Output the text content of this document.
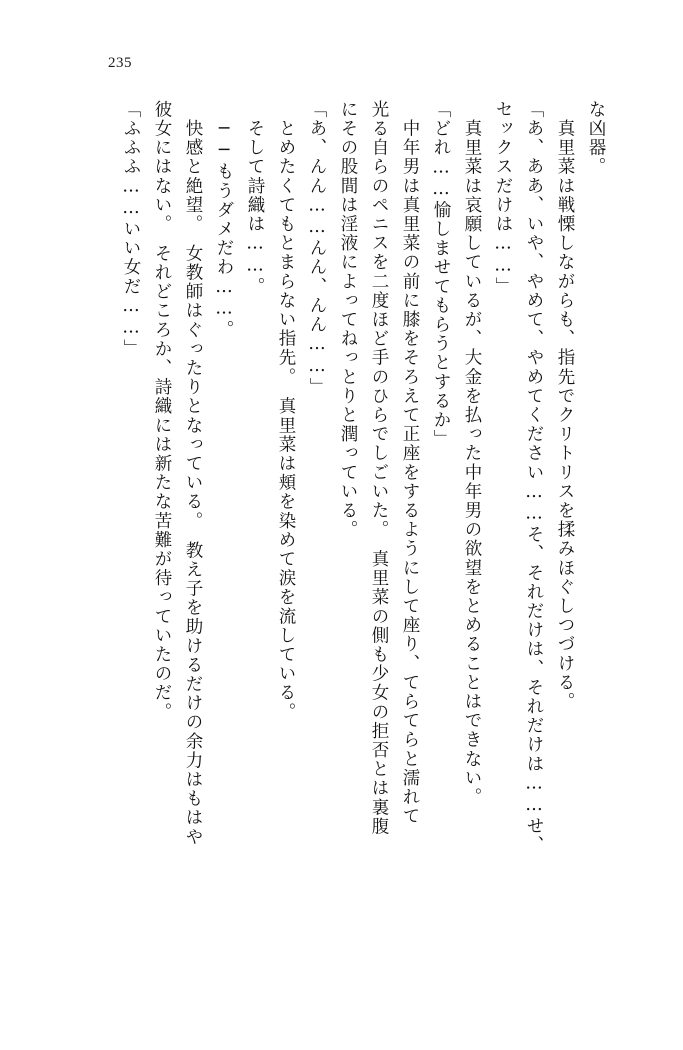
235
な凶器。
　真里菜は戦慄しながらも、指先でクリトリスを揉みほぐしつづける。
「あ、ああ、いや、やめて、やめてください……そ、それだけは、それだけは……せ、
セックスだけは……」
　真里菜は哀願しているが、大金を払った中年男の欲望をとめることはできない。
「どれ……愉しませてもらうとするか」
　中年男は真里菜の前に膝をそろえて正座をするようにして座り、てらてらと濡れて
光る自らのペニスを二度ほど手のひらでしごいた。　真里菜の側も少女の拒否とは裏腹
にその股間は淫液によってねっとりと潤っている。
「あ、んん……んん、んん……」
　とめたくてもとまらない指先。　真里菜は頬を染めて涙を流している。
　そして詩織は……。
　──もうダメだわ……。
　快感と絶望。　女教師はぐったりとなっている。　教え子を助けるだけの余力はもはや
彼女にはない。　それどころか、詩織には新たな苦難が待っていたのだ。
「ふふふ……いい女だ……」
